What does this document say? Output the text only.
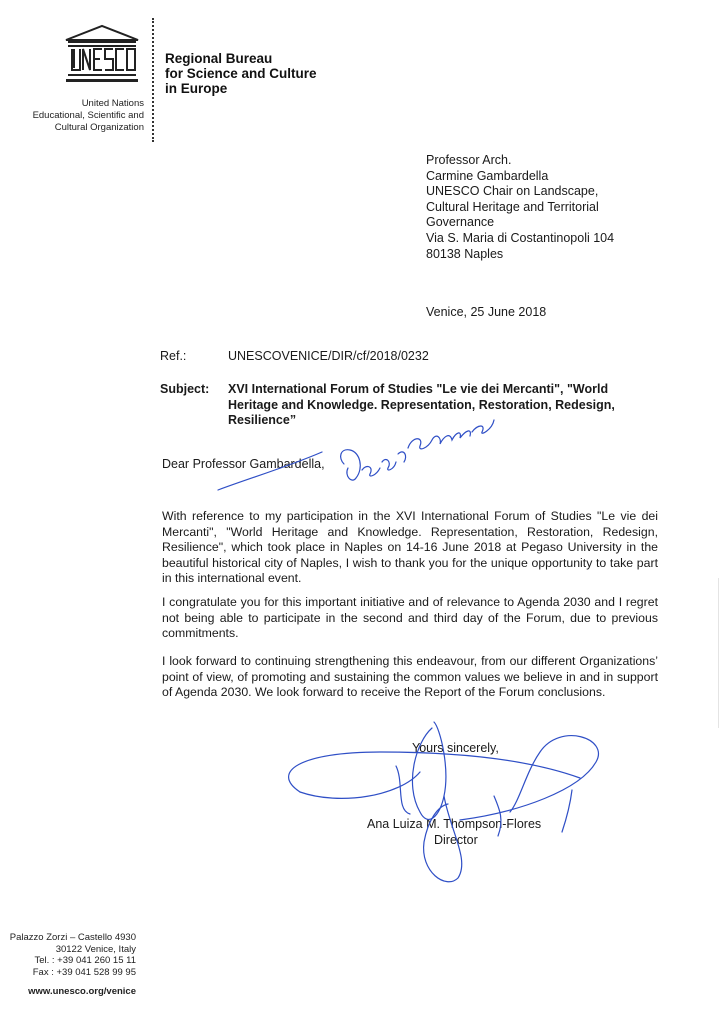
United Nations
Educational, Scientific and
Cultural Organization
Regional Bureau
for Science and Culture
in Europe
Professor Arch.
Carmine Gambardella
UNESCO Chair on Landscape,
Cultural Heritage and Territorial
Governance
Via S. Maria di Costantinopoli 104
80138 Naples
Venice, 25 June 2018
Ref.:	UNESCOVENICE/DIR/cf/2018/0232
Subject: XVI International Forum of Studies "Le vie dei Mercanti", "World Heritage and Knowledge. Representation, Restoration, Redesign, Resilience”
Dear Professor Gambardella,
With reference to my participation in the XVI International Forum of Studies "Le vie dei Mercanti", "World Heritage and Knowledge. Representation, Restoration, Redesign, Resilience", which took place in Naples on 14-16 June 2018 at Pegaso University in the beautiful historical city of Naples, I wish to thank you for the unique opportunity to take part in this international event.
I congratulate you for this important initiative and of relevance to Agenda 2030 and I regret not being able to participate in the second and third day of the Forum, due to previous commitments.
I look forward to continuing strengthening this endeavour, from our different Organizations’ point of view, of promoting and sustaining the common values we believe in and in support of Agenda 2030. We look forward to receive the Report of the Forum conclusions.
Yours sincerely,
Ana Luiza M. Thompson-Flores
Director
Palazzo Zorzi – Castello 4930
30122 Venice, Italy
Tel. : +39 041 260 15 11
Fax : +39 041 528 99 95
www.unesco.org/venice
